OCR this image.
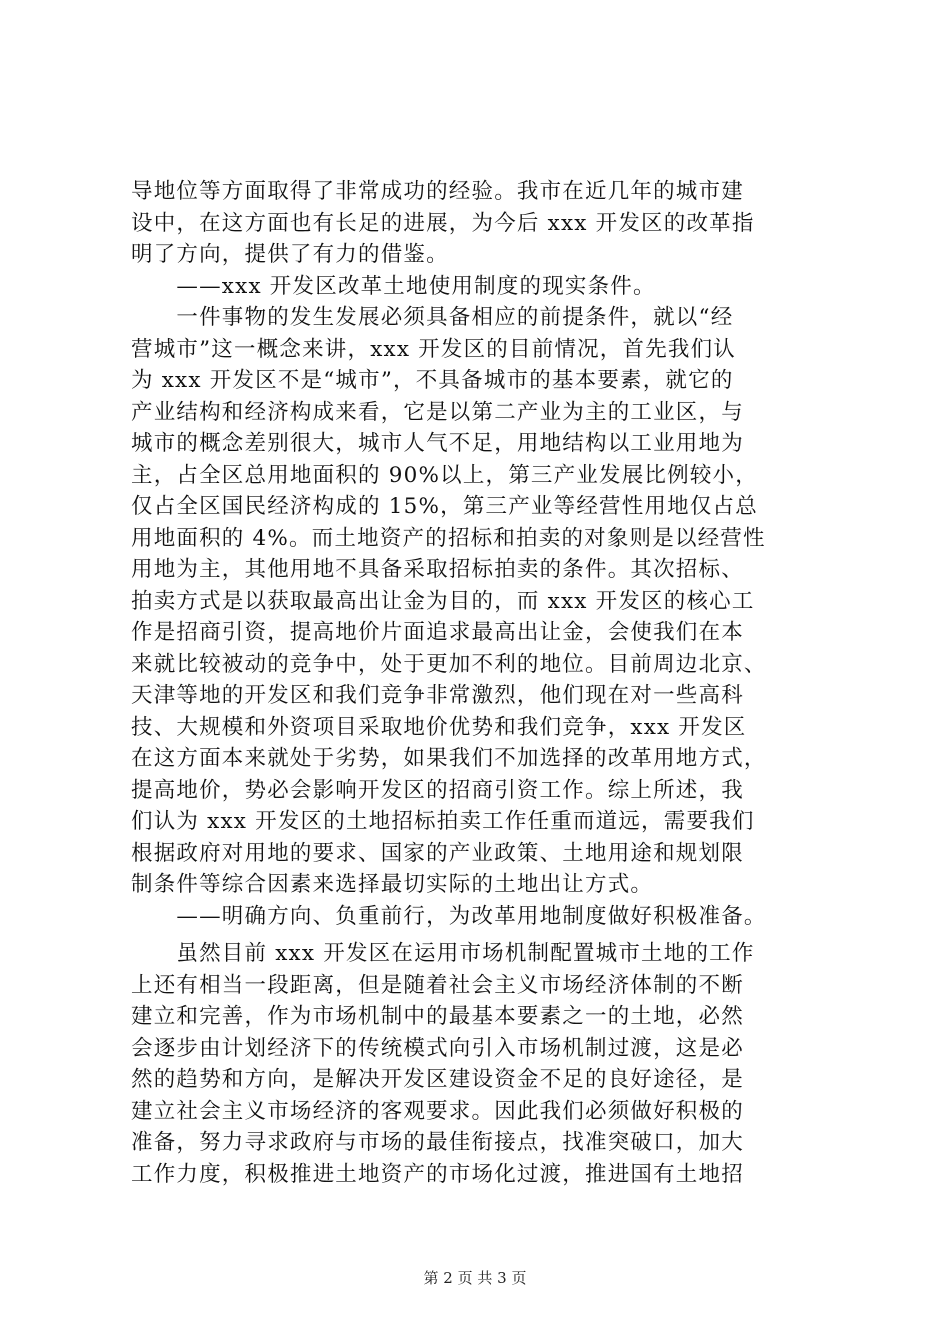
导地位等方面取得了非常成功的经验。我市在近几年的城市建
设中，在这方面也有长足的进展，为今后 xxx 开发区的改革指
明了方向，提供了有力的借鉴。
　　——xxx 开发区改革土地使用制度的现实条件。
　　一件事物的发生发展必须具备相应的前提条件，就以“经
营城市”这一概念来讲，xxx 开发区的目前情况，首先我们认
为 xxx 开发区不是“城市”，不具备城市的基本要素，就它的
产业结构和经济构成来看，它是以第二产业为主的工业区，与
城市的概念差别很大，城市人气不足，用地结构以工业用地为
主，占全区总用地面积的 90%以上，第三产业发展比例较小，
仅占全区国民经济构成的 15%，第三产业等经营性用地仅占总
用地面积的 4%。而土地资产的招标和拍卖的对象则是以经营性
用地为主，其他用地不具备采取招标拍卖的条件。其次招标、
拍卖方式是以获取最高出让金为目的，而 xxx 开发区的核心工
作是招商引资，提高地价片面追求最高出让金，会使我们在本
来就比较被动的竞争中，处于更加不利的地位。目前周边北京、
天津等地的开发区和我们竞争非常激烈，他们现在对一些高科
技、大规模和外资项目采取地价优势和我们竞争，xxx 开发区
在这方面本来就处于劣势，如果我们不加选择的改革用地方式，
提高地价，势必会影响开发区的招商引资工作。综上所述，我
们认为 xxx 开发区的土地招标拍卖工作任重而道远，需要我们
根据政府对用地的要求、国家的产业政策、土地用途和规划限
制条件等综合因素来选择最切实际的土地出让方式。
　　——明确方向、负重前行，为改革用地制度做好积极准备。
　　虽然目前 xxx 开发区在运用市场机制配置城市土地的工作
上还有相当一段距离，但是随着社会主义市场经济体制的不断
建立和完善，作为市场机制中的最基本要素之一的土地，必然
会逐步由计划经济下的传统模式向引入市场机制过渡，这是必
然的趋势和方向，是解决开发区建设资金不足的良好途径，是
建立社会主义市场经济的客观要求。因此我们必须做好积极的
准备，努力寻求政府与市场的最佳衔接点，找准突破口，加大
工作力度，积极推进土地资产的市场化过渡，推进国有土地招
第 2 页 共 3 页
